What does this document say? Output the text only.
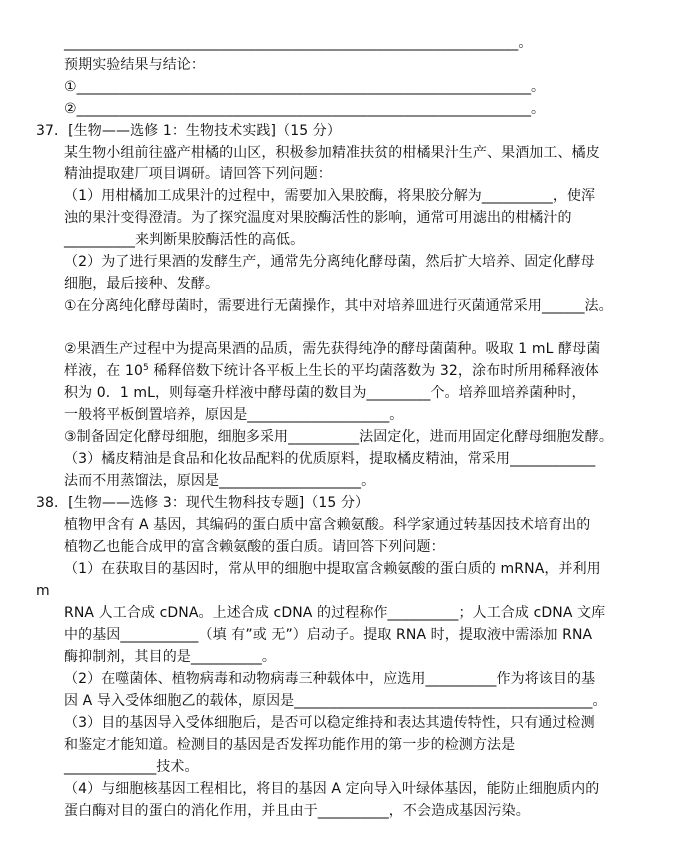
________________________________________________________________。
预期实验结果与结论：
①________________________________________________________________。
②________________________________________________________________。
37．[生物——选修 1：生物技术实践]（15 分）
某生物小组前往盛产柑橘的山区，积极参加精准扶贫的柑橘果汁生产、果酒加工、橘皮
精油提取建厂项目调研。请回答下列问题：
（1）用柑橘加工成果汁的过程中，需要加入果胶酶，将果胶分解为__________，使浑
浊的果汁变得澄清。为了探究温度对果胶酶活性的影响，通常可用滤出的柑橘汁的
__________来判断果胶酶活性的高低。
（2）为了进行果酒的发酵生产，通常先分离纯化酵母菌，然后扩大培养、固定化酵母
细胞，最后接种、发酵。
①在分离纯化酵母菌时，需要进行无菌操作，其中对培养皿进行灭菌通常采用______法。
②果酒生产过程中为提高果酒的品质，需先获得纯净的酵母菌菌种。吸取 1 mL 酵母菌
样液，在 $10^5$ 稀释倍数下统计各平板上生长的平均菌落数为 32，涂布时所用稀释液体
积为 0．1 mL，则每毫升样液中酵母菌的数目为_________个。培养皿培养菌种时，
一般将平板倒置培养，原因是____________________。
③制备固定化酵母细胞，细胞多采用__________法固定化，进而用固定化酵母细胞发酵。
（3）橘皮精油是食品和化妆品配料的优质原料，提取橘皮精油，常采用____________
法而不用蒸馏法，原因是____________________。
38．[生物——选修 3：现代生物科技专题]（15 分）
植物甲含有 A 基因，其编码的蛋白质中富含赖氨酸。科学家通过转基因技术培育出的
植物乙也能合成甲的富含赖氨酸的蛋白质。请回答下列问题：
（1）在获取目的基因时，常从甲的细胞中提取富含赖氨酸的蛋白质的 mRNA，并利用
m
RNA 人工合成 cDNA。上述合成 cDNA 的过程称作__________；人工合成 cDNA 文库
中的基因___________（填 有”或 无”）启动子。提取 RNA 时，提取液中需添加 RNA
酶抑制剂，其目的是__________。
（2）在噬菌体、植物病毒和动物病毒三种载体中，应选用__________作为将该目的基
因 A 导入受体细胞乙的载体，原因是__________________________________________。
（3）目的基因导入受体细胞后，是否可以稳定维持和表达其遗传特性，只有通过检测
和鉴定才能知道。检测目的基因是否发挥功能作用的第一步的检测方法是
_____________技术。
（4）与细胞核基因工程相比，将目的基因 A 定向导入叶绿体基因，能防止细胞质内的
蛋白酶对目的蛋白的消化作用，并且由于__________，不会造成基因污染。
